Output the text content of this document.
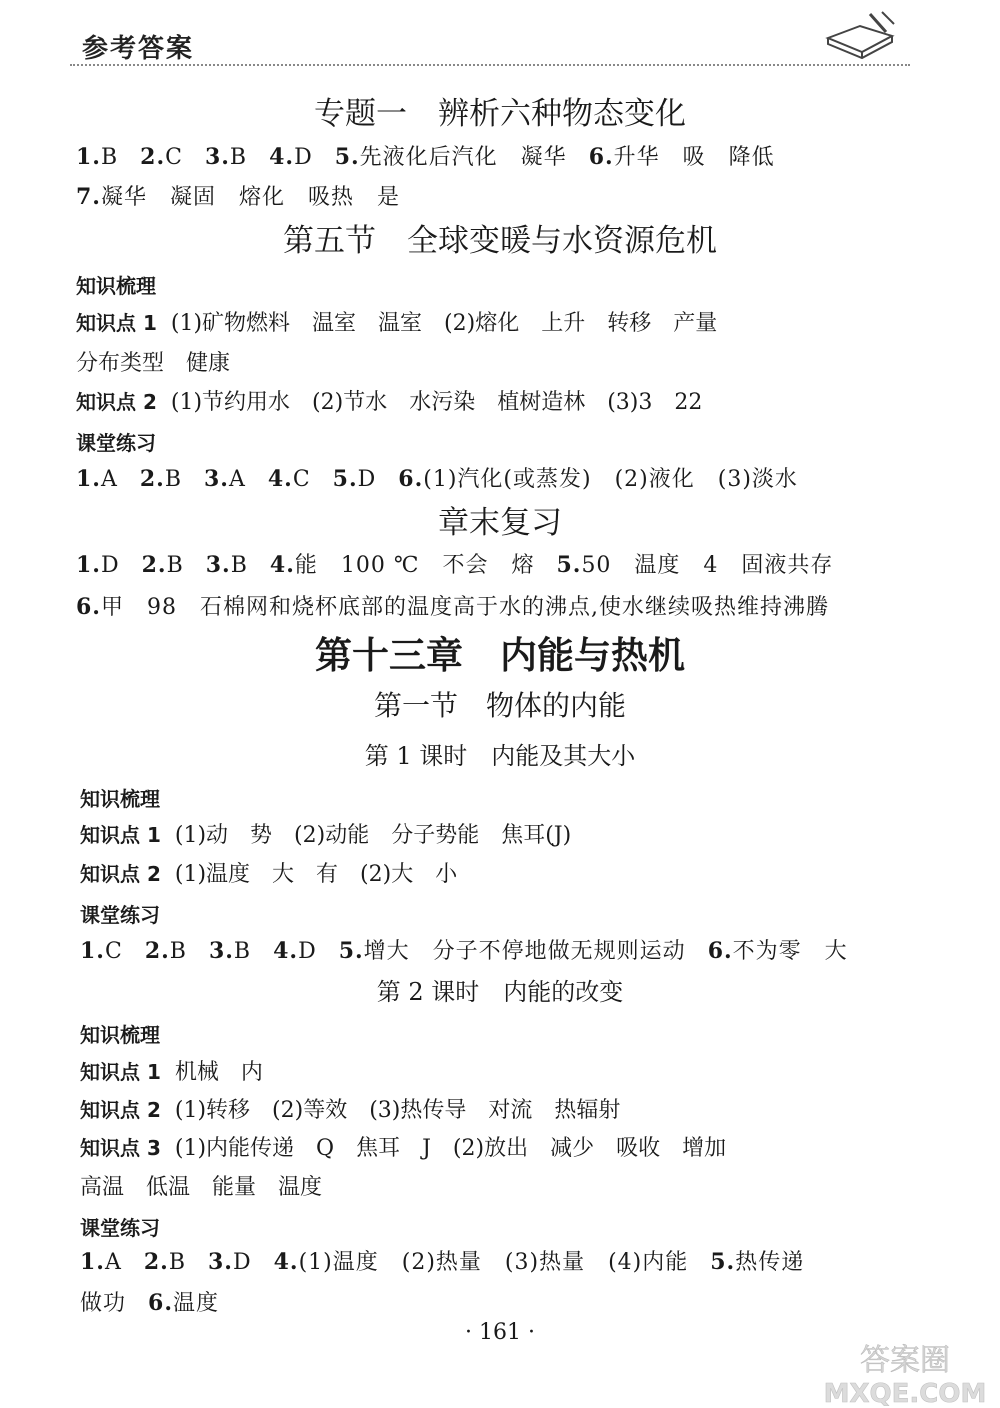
参考答案
专题一　辨析六种物态变化
1.B 2.C 3.B 4.D 5.先液化后汽化　凝华 6.升华　吸　降低
7.凝华　凝固　熔化　吸热　是
第五节　全球变暖与水资源危机
知识梳理
知识点 1 (1)矿物燃料　温室　温室　(2)熔化　上升　转移　产量
分布类型　健康
知识点 2 (1)节约用水　(2)节水　水污染　植树造林　(3)3　22
课堂练习
1.A 2.B 3.A 4.C 5.D 6.(1)汽化(或蒸发)　(2)液化　(3)淡水
章末复习
1.D 2.B 3.B 4.能　100 ℃　不会　熔 5.50　温度　4　固液共存
6.甲　98　石棉网和烧杯底部的温度高于水的沸点,使水继续吸热维持沸腾
第十三章　内能与热机
第一节　物体的内能
第 1 课时　内能及其大小
知识梳理
知识点 1 (1)动　势　(2)动能　分子势能　焦耳(J)
知识点 2 (1)温度　大　有　(2)大　小
课堂练习
1.C 2.B 3.B 4.D 5.增大　分子不停地做无规则运动 6.不为零　大
第 2 课时　内能的改变
知识梳理
知识点 1 机械　内
知识点 2 (1)转移　(2)等效　(3)热传导　对流　热辐射
知识点 3 (1)内能传递　Q　焦耳　J　(2)放出　减少　吸收　增加
高温　低温　能量　温度
课堂练习
1.A 2.B 3.D 4.(1)温度　(2)热量　(3)热量　(4)内能 5.热传递
做功 6.温度
· 161 ·
答案圈
MXQE.COM
